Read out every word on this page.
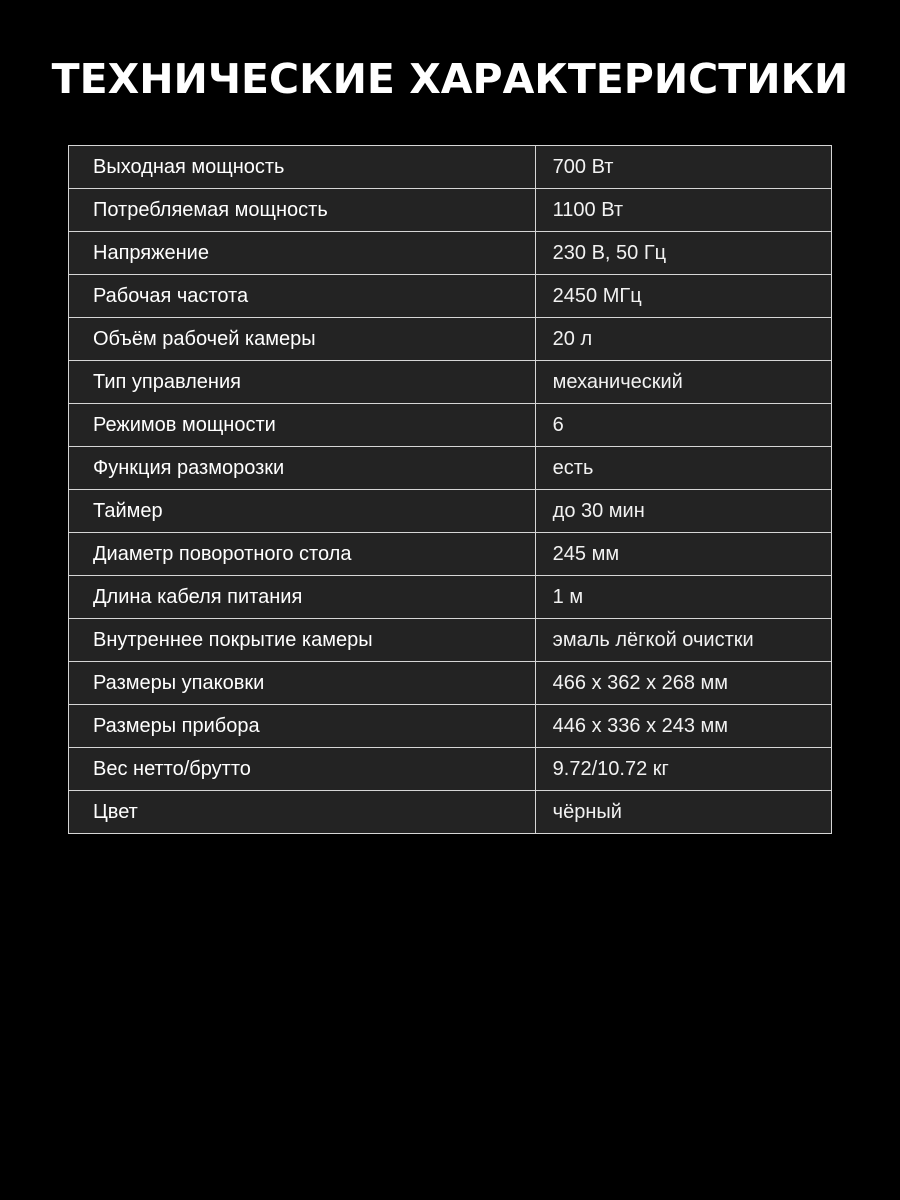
ТЕХНИЧЕСКИЕ ХАРАКТЕРИСТИКИ
Выходная мощность	700 Вт
Потребляемая мощность	1100 Вт
Напряжение	230 В, 50 Гц
Рабочая частота	2450 МГц
Объём рабочей камеры	20 л
Тип управления	механический
Режимов мощности	6
Функция разморозки	есть
Таймер	до 30 мин
Диаметр поворотного стола	245 мм
Длина кабеля питания	1 м
Внутреннее покрытие камеры	эмаль лёгкой очистки
Размеры упаковки	466 х 362 х 268 мм
Размеры прибора	446 х 336 х 243 мм
Вес нетто/брутто	9.72/10.72 кг
Цвет	чёрный
